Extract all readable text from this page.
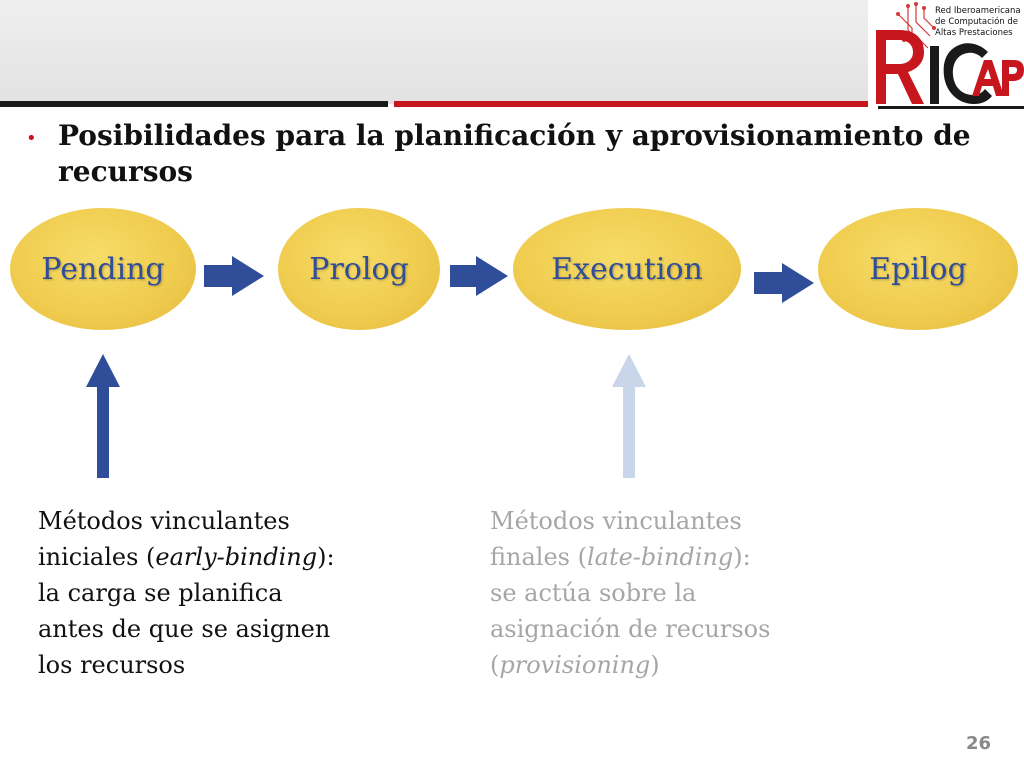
Red Iberoamericana
de Computación de
Altas Prestaciones
• Posibilidades para la planificación y aprovisionamiento de recursos
Pending	Prolog	Execution	Epilog
Métodos vinculantes
iniciales (early-binding):
la carga se planifica
antes de que se asignen
los recursos
Métodos vinculantes
finales (late-binding):
se actúa sobre la
asignación de recursos
(provisioning)
26
